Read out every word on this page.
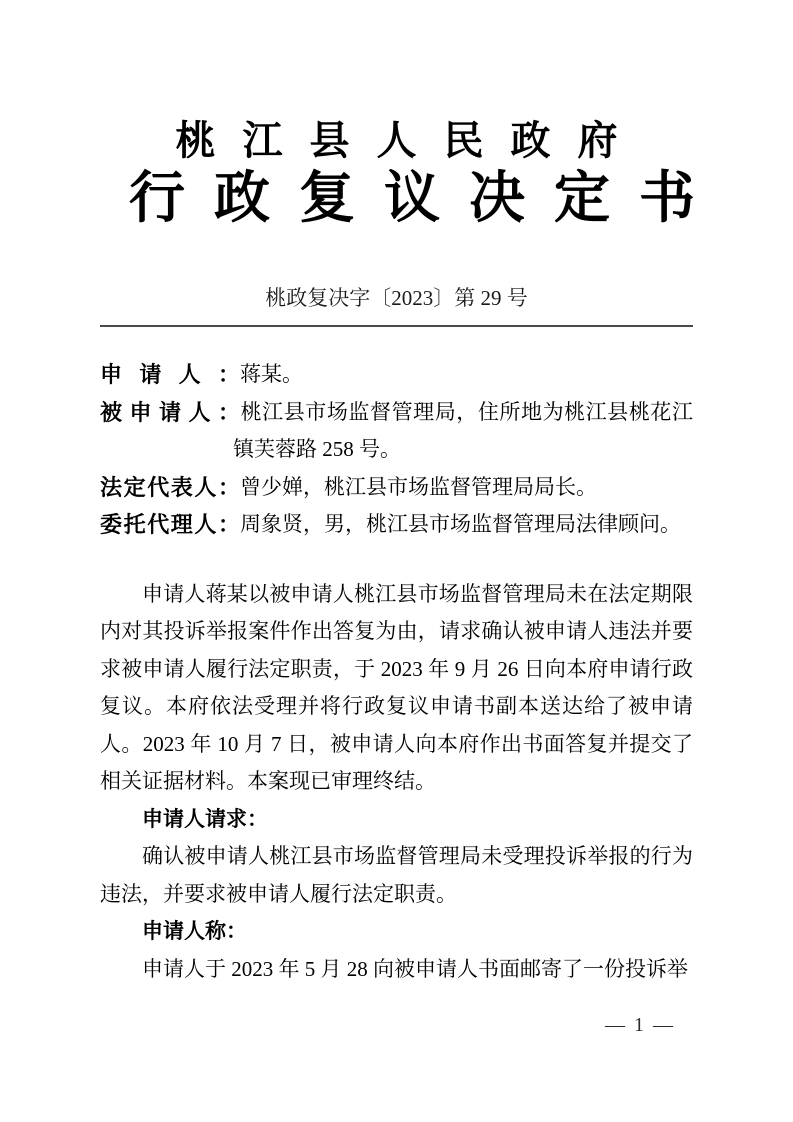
桃江县人民政府
行政复议决定书
桃政复决字〔2023〕第 29 号
申请人：蒋某。
被申请人：桃江县市场监督管理局，住所地为桃江县桃花江镇芙蓉路 258 号。
法定代表人：曾少婵，桃江县市场监督管理局局长。
委托代理人：周象贤，男，桃江县市场监督管理局法律顾问。

申请人蒋某以被申请人桃江县市场监督管理局未在法定期限内对其投诉举报案件作出答复为由，请求确认被申请人违法并要求被申请人履行法定职责，于 2023 年 9 月 26 日向本府申请行政复议。本府依法受理并将行政复议申请书副本送达给了被申请人。2023 年 10 月 7 日，被申请人向本府作出书面答复并提交了相关证据材料。本案现已审理终结。

申请人请求：

确认被申请人桃江县市场监督管理局未受理投诉举报的行为违法，并要求被申请人履行法定职责。

申请人称：

申请人于 2023 年 5 月 28 向被申请人书面邮寄了一份投诉举

— 1 —
